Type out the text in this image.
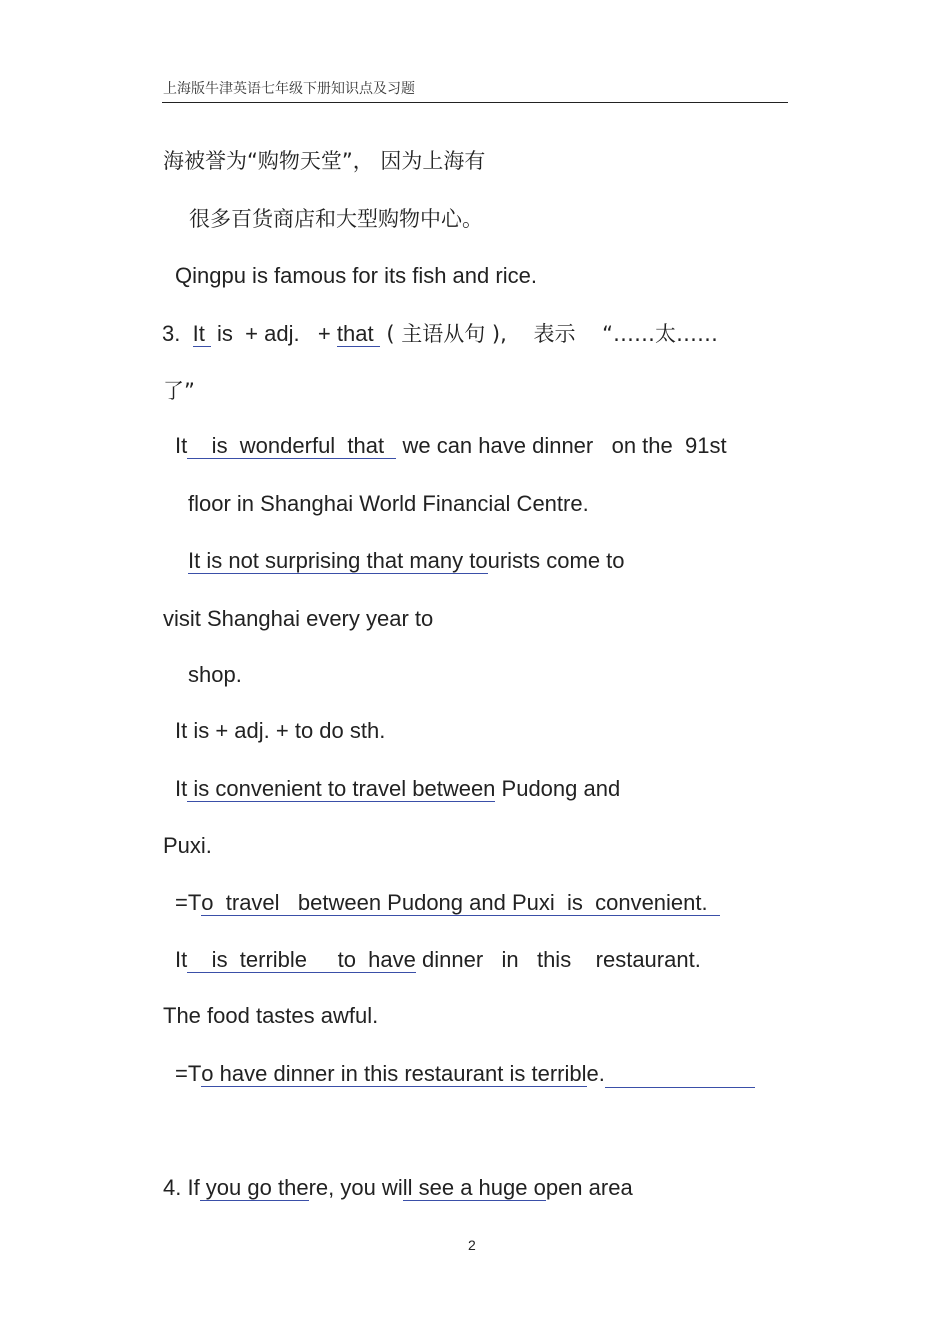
上海版牛津英语七年级下册知识点及习题
海被誉为“购物天堂”， 因为上海有
很多百货商店和大型购物中心。
Qingpu is famous for its fish and rice.
3.  It  is  + adj.   + that  ( 主语从句 ),    表示    “……太……
了”
It    is  wonderful  that   we can have dinner   on the  91st
floor in Shanghai World Financial Centre.
It is not surprising that many tourists come to
visit Shanghai every year to
shop.
It is + adj. + to do sth.
It is convenient to travel between Pudong and
Puxi.
=To  travel   between Pudong and Puxi  is  convenient.
It    is  terrible     to  have dinner   in   this    restaurant.
The food tastes awful.
=To have dinner in this restaurant is terrible.
4. If you go there, you will see a huge open area
2
